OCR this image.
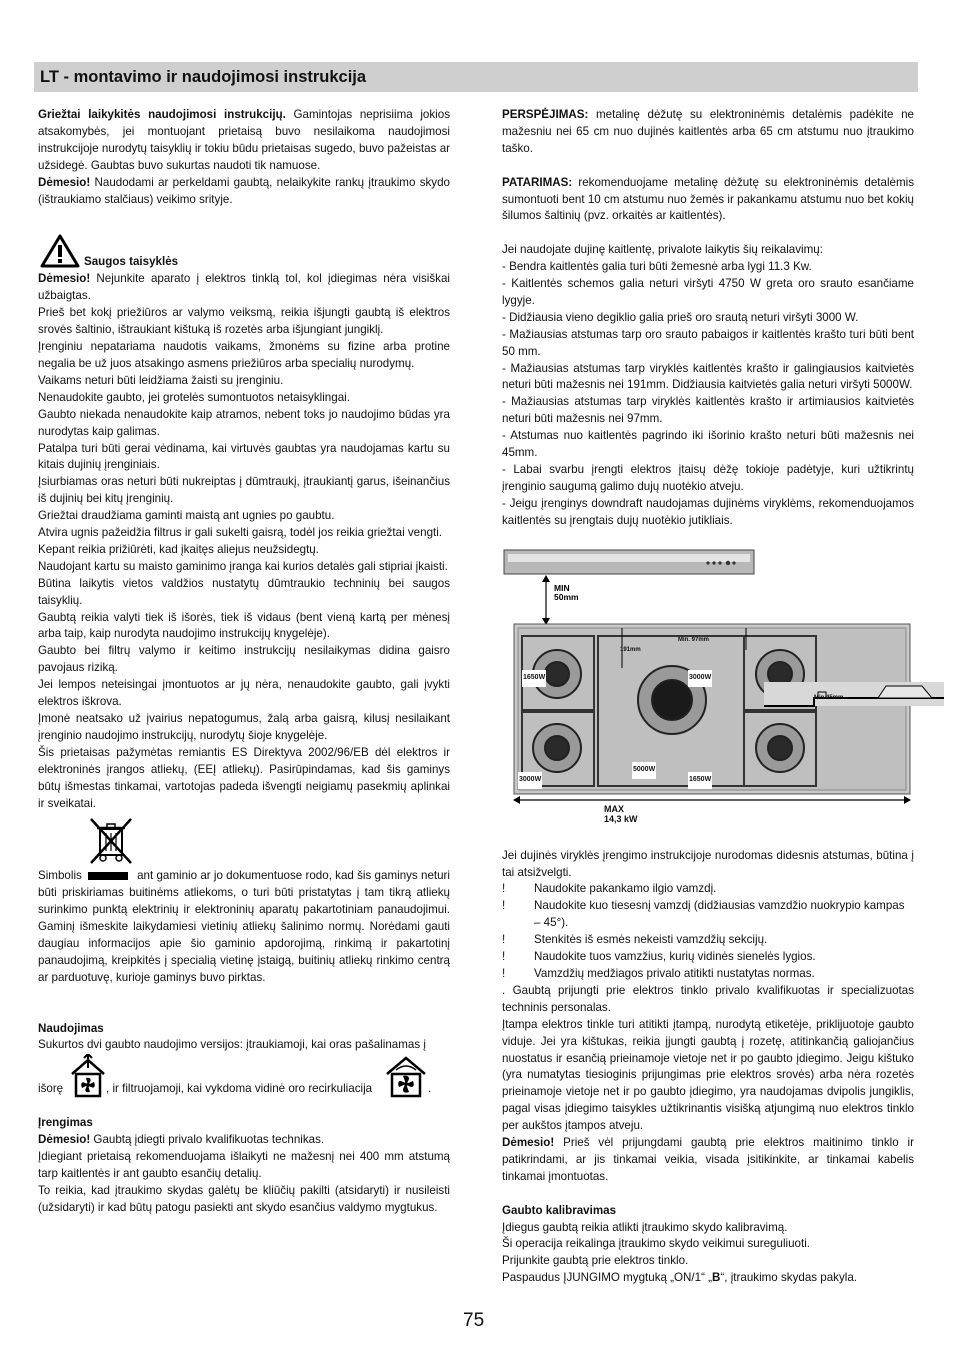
LT - montavimo ir naudojimosi instrukcija

Griežtai laikykitės naudojimosi instrukcijų. Gamintojas neprisiima jokios atsakomybės, jei montuojant prietaisą buvo nesilaikoma naudojimosi instrukcijoje nurodytų taisyklių ir tokiu būdu prietaisas sugedo, buvo pažeistas ar užsidegė. Gaubtas buvo sukurtas naudoti tik namuose.

Dėmesio! Naudodami ar perkeldami gaubtą, nelaikykite rankų įtraukimo skydo (ištraukiamo stalčiaus) veikimo srityje.

Saugos taisyklės

Dėmesio! Nejunkite aparato į elektros tinklą tol, kol įdiegimas nėra visiškai užbaigtas.

Prieš bet kokį priežiūros ar valymo veiksmą, reikia išjungti gaubtą iš elektros srovės šaltinio, ištraukiant kištuką iš rozetės arba išjungiant jungiklį.

Įrenginiu nepatariama naudotis vaikams, žmonėms su fizine arba protine negalia be už juos atsakingo asmens priežiūros arba specialių nurodymų.

Vaikams neturi būti leidžiama žaisti su įrenginiu.

Nenaudokite gaubto, jei grotelės sumontuotos netaisyklingai.

Gaubto niekada nenaudokite kaip atramos, nebent toks jo naudojimo būdas yra nurodytas kaip galimas.

Patalpa turi būti gerai vėdinama, kai virtuvės gaubtas yra naudojamas kartu su kitais dujinių įrenginiais.

Įsiurbiamas oras neturi būti nukreiptas į dūmtraukį, įtraukiantį garus, išeinančius iš dujinių bei kitų įrenginių.

Griežtai draudžiama gaminti maistą ant ugnies po gaubtu.

Atvira ugnis pažeidžia filtrus ir gali sukelti gaisrą, todėl jos reikia griežtai vengti.

Kepant reikia prižiūrėti, kad įkaitęs aliejus neužsidegtų.

Naudojant kartu su maisto gaminimo įranga kai kurios detalės gali stipriai įkaisti.

Būtina laikytis vietos valdžios nustatytų dūmtraukio techninių bei saugos taisyklių.

Gaubtą reikia valyti tiek iš išorės, tiek iš vidaus (bent vieną kartą per mėnesį arba taip, kaip nurodyta naudojimo instrukcijų knygelėje).

Gaubto bei filtrų valymo ir keitimo instrukcijų nesilaikymas didina gaisro pavojaus riziką.

Jei lempos neteisingai įmontuotos ar jų nėra, nenaudokite gaubto, gali įvykti elektros iškrova.

Įmonė neatsako už įvairius nepatogumus, žalą arba gaisrą, kilusį nesilaikant įrenginio naudojimo instrukcijų, nurodytų šioje knygelėje.

Šis prietaisas pažymėtas remiantis ES Direktyva 2002/96/EB dėl elektros ir elektroninės įrangos atliekų, (EEĮ atliekų). Pasirūpindamas, kad šis gaminys būtų išmestas tinkamai, vartotojas padeda išvengti neigiamų pasekmių aplinkai ir sveikatai.

Simbolis	ant gaminio ar jo dokumentuose rodo, kad šis gaminys neturi būti priskiriamas buitinėms atliekoms, o turi būti pristatytas į tam tikrą atliekų surinkimo punktą elektrinių ir elektroninių aparatų pakartotiniam panaudojimui. Gaminį išmeskite laikydamiesi vietinių atliekų šalinimo normų. Norėdami gauti daugiau informacijos apie šio gaminio apdorojimą, rinkimą ir pakartotinį panaudojimą, kreipkitės į specialią vietinę įstaigą, buitinių atliekų rinkimo centrą ar parduotuvę, kurioje gaminys buvo pirktas.

Naudojimas

Sukurtos dvi gaubto naudojimo versijos: įtraukiamoji, kai oras pašalinamas į

išorę	, ir filtruojamoji, kai vykdoma vidinė oro recirkuliacija	.

Įrengimas

Dėmesio! Gaubtą įdiegti privalo kvalifikuotas technikas.

Įdiegiant prietaisą rekomenduojama išlaikyti ne mažesnį nei 400 mm atstumą tarp kaitlentės ir ant gaubto esančių detalių.

To reikia, kad įtraukimo skydas galėtų be kliūčių pakilti (atsidaryti) ir nusileisti (užsidaryti) ir kad būtų patogu pasiekti ant skydo esančius valdymo mygtukus.

PERSPĖJIMAS: metalinę dėžutę su elektroninėmis detalėmis padėkite ne mažesniu nei 65 cm nuo dujinės kaitlentės arba 65 cm atstumu nuo įtraukimo taško.

PATARIMAS: rekomenduojame metalinę dėžutę su elektroninėmis detalėmis sumontuoti bent 10 cm atstumu nuo žemės ir pakankamu atstumu nuo bet kokių šilumos šaltinių (pvz. orkaitės ar kaitlentės).

Jei naudojate dujinę kaitlentę, privalote laikytis šių reikalavimų:

- Bendra kaitlentės galia turi būti žemesnė arba lygi 11.3 Kw.

- Kaitlentės schemos galia neturi viršyti 4750 W greta oro srauto esančiame lygyje.

- Didžiausia vieno degiklio galia prieš oro srautą neturi viršyti 3000 W.

- Mažiausias atstumas tarp oro srauto pabaigos ir kaitlentės krašto turi būti bent 50 mm.

- Mažiausias atstumas tarp viryklės kaitlentės krašto ir galingiausios kaitvietės neturi būti mažesnis nei 191mm. Didžiausia kaitvietės galia neturi viršyti 5000W.

- Mažiausias atstumas tarp viryklės kaitlentės krašto ir artimiausios kaitvietės neturi būti mažesnis nei 97mm.

- Atstumas nuo kaitlentės pagrindo iki išorinio krašto neturi būti mažesnis nei 45mm.

- Labai svarbu įrengti elektros įtaisų dėžę tokioje padėtyje, kuri užtikrintų įrenginio saugumą galimo dujų nuotėkio atveju.

- Jeigu įrenginys downdraft naudojamas dujinėms viryklėms, rekomenduojamos kaitlentės su įrengtais dujų nuotėkio jutikliais.

MIN
50mm
191mm
Min. 97mm
Min.45mm
1650W	3000W
3000W
5000W
1650W
MAX
14,3 kW

Jei dujinės viryklės įrengimo instrukcijoje nurodomas didesnis atstumas, būtina į tai atsižvelgti.

!	Naudokite pakankamo ilgio vamzdį.
!	Naudokite kuo tiesesnį vamzdį (didžiausias vamzdžio nuokrypio kampas – 45°).
!	Stenkitės iš esmės nekeisti vamzdžių sekcijų.
!	Naudokite tuos vamzžius, kurių vidinės sienelės lygios.
!	Vamzdžių medžiagos privalo atitikti nustatytas normas.

. Gaubtą prijungti prie elektros tinklo privalo kvalifikuotas ir specializuotas techninis personalas.

Įtampa elektros tinkle turi atitikti įtampą, nurodytą etiketėje, priklijuotoje gaubto viduje. Jei yra kištukas, reikia įjungti gaubtą į rozetę, atitinkančią galiojančius nuostatus ir esančią prieinamoje vietoje net ir po gaubto įdiegimo. Jeigu kištuko (yra numatytas tiesioginis prijungimas prie elektros srovės) arba nėra rozetės prieinamoje vietoje net ir po gaubto įdiegimo, yra naudojamas dvipolis jungiklis, pagal visas įdiegimo taisykles užtikrinantis visišką atjungimą nuo elektros tinklo per aukštos įtampos atveju.

Dėmesio! Prieš vėl prijungdami gaubtą prie elektros maitinimo tinklo ir patikrindami, ar jis tinkamai veikia, visada įsitikinkite, ar tinkamai kabelis tinkamai įmontuotas.

Gaubto kalibravimas

Įdiegus gaubtą reikia atlikti įtraukimo skydo kalibravimą.

Ši operacija reikalinga įtraukimo skydo veikimui sureguliuoti.

Prijunkite gaubtą prie elektros tinklo.

Paspaudus ĮJUNGIMO mygtuką „ON/1“ „B“, įtraukimo skydas pakyla.

75
